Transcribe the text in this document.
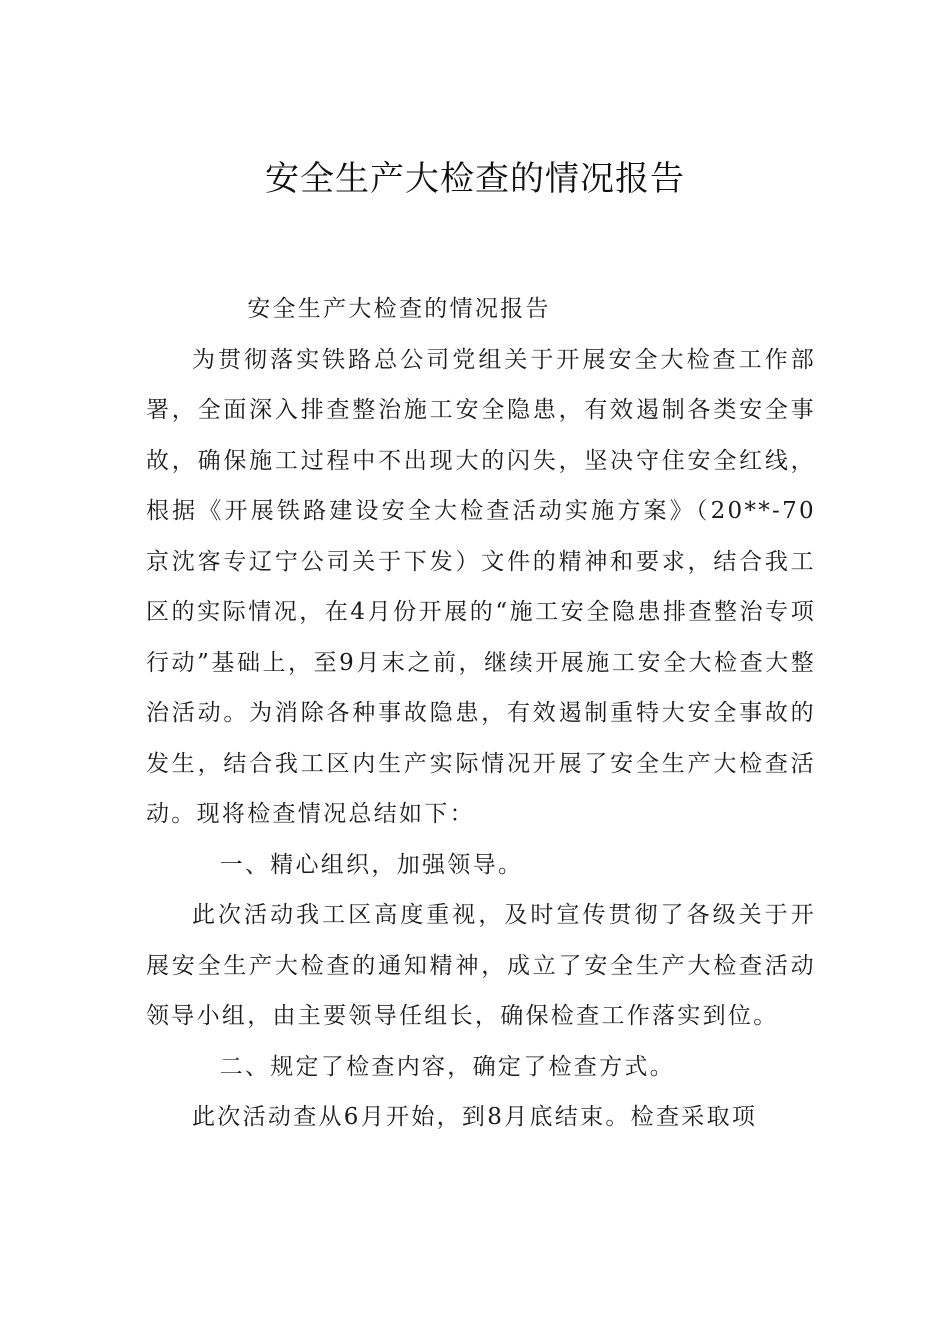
安全生产大检查的情况报告

安全生产大检查的情况报告

为贯彻落实铁路总公司党组关于开展安全大检查工作部署，全面深入排查整治施工安全隐患，有效遏制各类安全事故，确保施工过程中不出现大的闪失，坚决守住安全红线，根据《开展铁路建设安全大检查活动实施方案》（20**-70京沈客专辽宁公司关于下发）文件的精神和要求，结合我工区的实际情况，在4月份开展的“施工安全隐患排查整治专项行动”基础上，至9月末之前，继续开展施工安全大检查大整治活动。为消除各种事故隐患，有效遏制重特大安全事故的发生，结合我工区内生产实际情况开展了安全生产大检查活动。现将检查情况总结如下：

一、精心组织，加强领导。

此次活动我工区高度重视，及时宣传贯彻了各级关于开展安全生产大检查的通知精神，成立了安全生产大检查活动领导小组，由主要领导任组长，确保检查工作落实到位。

二、规定了检查内容，确定了检查方式。

此次活动查从6月开始，到8月底结束。检查采取项
